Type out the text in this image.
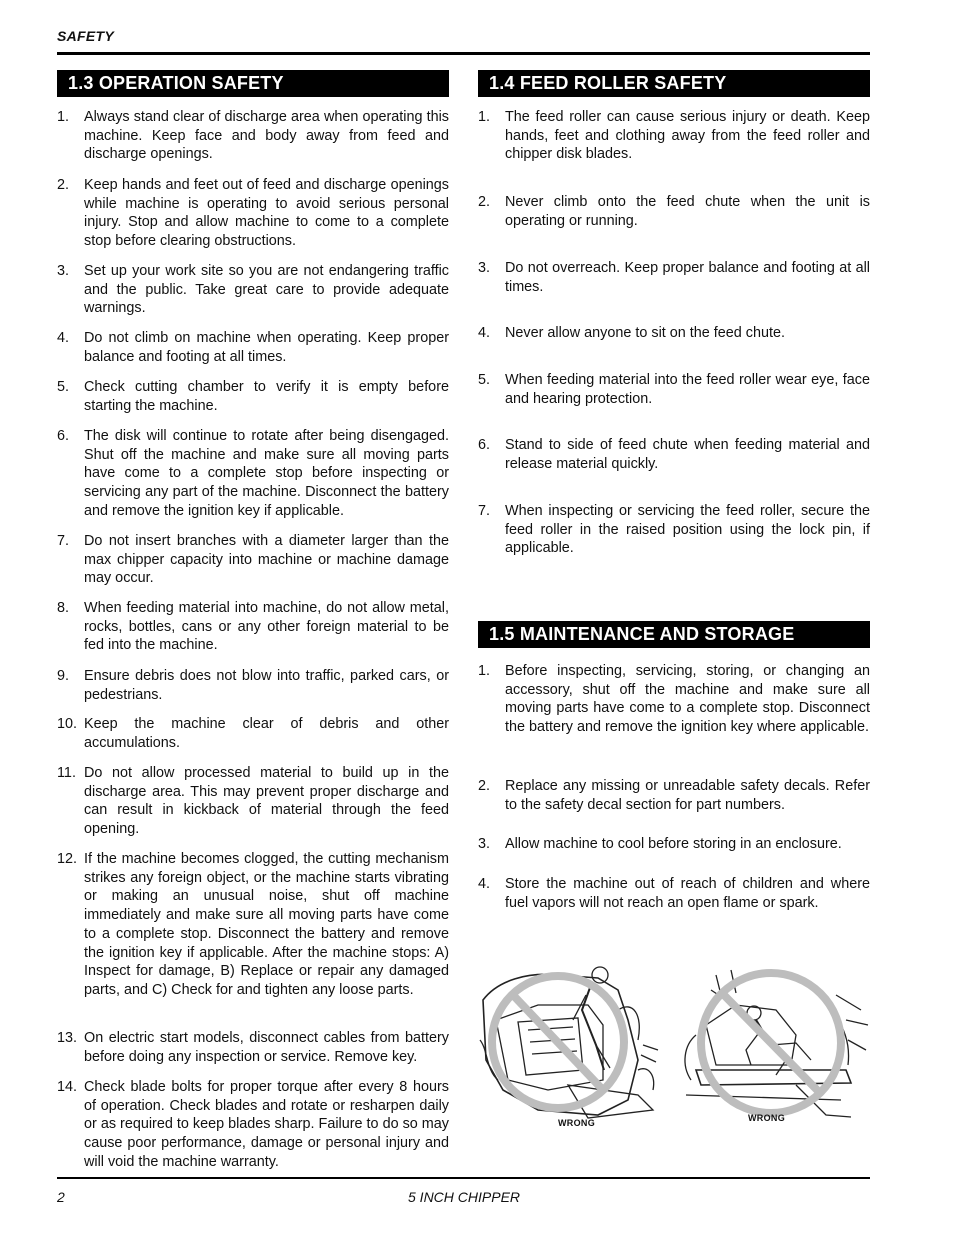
SAFETY
1.3 OPERATION SAFETY
1. Always stand clear of discharge area when operating this machine. Keep face and body away from feed and discharge openings.
2. Keep hands and feet out of feed and discharge openings while machine is operating to avoid serious personal injury. Stop and allow machine to come to a complete stop before clearing obstructions.
3. Set up your work site so you are not endangering traffic and the public. Take great care to provide adequate warnings.
4. Do not climb on machine when operating. Keep proper balance and footing at all times.
5. Check cutting chamber to verify it is empty before starting the machine.
6. The disk will continue to rotate after being disengaged. Shut off the machine and make sure all moving parts have come to a complete stop before inspecting or servicing any part of the machine. Disconnect the battery and remove the ignition key if applicable.
7. Do not insert branches with a diameter larger than the max chipper capacity into machine or machine damage may occur.
8. When feeding material into machine, do not allow metal, rocks, bottles, cans or any other foreign material to be fed into the machine.
9. Ensure debris does not blow into traffic, parked cars, or pedestrians.
10. Keep the machine clear of debris and other accumulations.
11. Do not allow processed material to build up in the discharge area. This may prevent proper discharge and can result in kickback of material through the feed opening.
12. If the machine becomes clogged, the cutting mechanism strikes any foreign object, or the machine starts vibrating or making an unusual noise, shut off machine immediately and make sure all moving parts have come to a complete stop. Disconnect the battery and remove the ignition key if applicable. After the machine stops: A) Inspect for damage, B) Replace or repair any damaged parts, and C) Check for and tighten any loose parts.
13. On electric start models, disconnect cables from battery before doing any inspection or service. Remove key.
14. Check blade bolts for proper torque after every 8 hours of operation. Check blades and rotate or resharpen daily or as required to keep blades sharp. Failure to do so may cause poor performance, damage or personal injury and will void the machine warranty.
1.4 FEED ROLLER SAFETY
1. The feed roller can cause serious injury or death. Keep hands, feet and clothing away from the feed roller and chipper disk blades.
2. Never climb onto the feed chute when the unit is operating or running.
3. Do not overreach. Keep proper balance and footing at all times.
4. Never allow anyone to sit on the feed chute.
5. When feeding material into the feed roller wear eye, face and hearing protection.
6. Stand to side of feed chute when feeding material and release material quickly.
7. When inspecting or servicing the feed roller, secure the feed roller in the raised position using the lock pin, if applicable.
1.5 MAINTENANCE AND STORAGE
1. Before inspecting, servicing, storing, or changing an accessory, shut off the machine and make sure all moving parts have come to a complete stop. Disconnect the battery and remove the ignition key where applicable.
2. Replace any missing or unreadable safety decals. Refer to the safety decal section for part numbers.
3. Allow machine to cool before storing in an enclosure.
4. Store the machine out of reach of children and where fuel vapors will not reach an open flame or spark.
WRONG	WRONG
2	5 INCH CHIPPER
